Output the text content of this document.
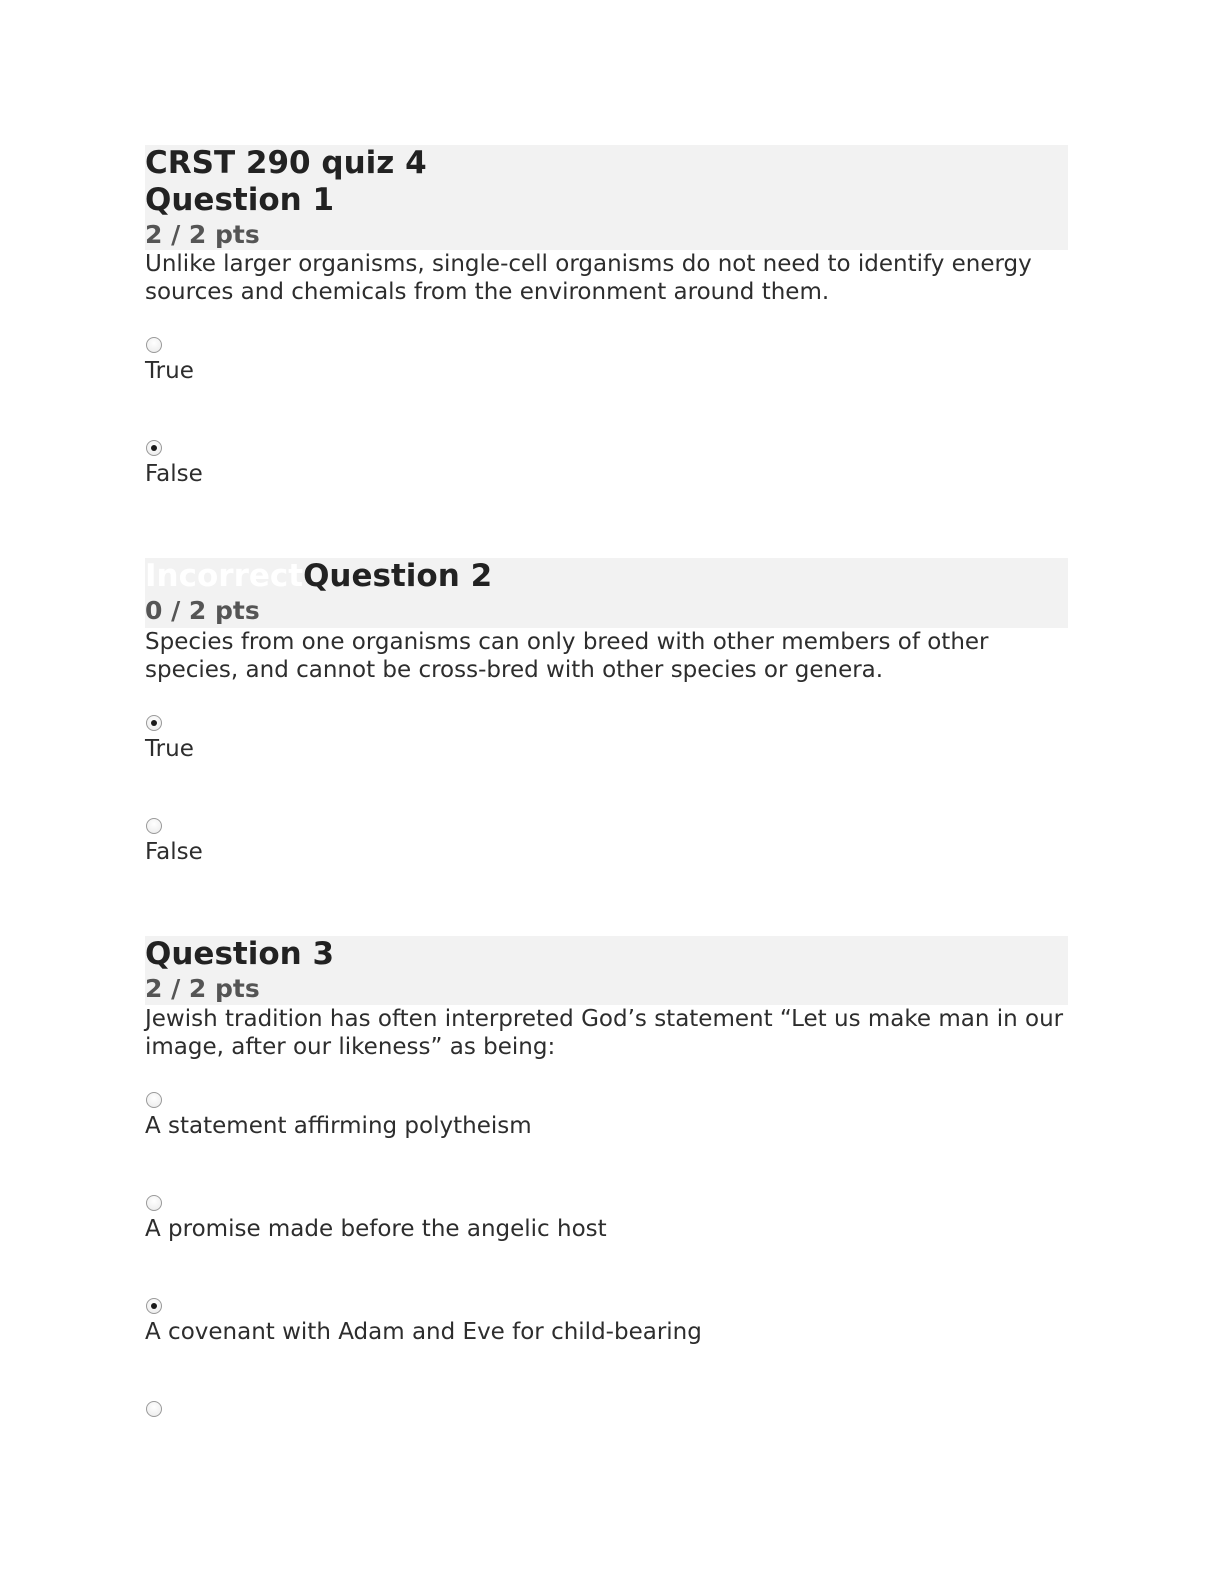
CRST 290 quiz 4
Question 1
2 / 2 pts

Unlike larger organisms, single-cell organisms do not need to identify energy sources and chemicals from the environment around them.

True
False
IncorrectQuestion 2
0 / 2 pts

Species from one organisms can only breed with other members of other species, and cannot be cross-bred with other species or genera.

True
False
Question 3
2 / 2 pts

Jewish tradition has often interpreted God’s statement “Let us make man in our image, after our likeness” as being:

A statement affirming polytheism
A promise made before the angelic host
A covenant with Adam and Eve for child-bearing
